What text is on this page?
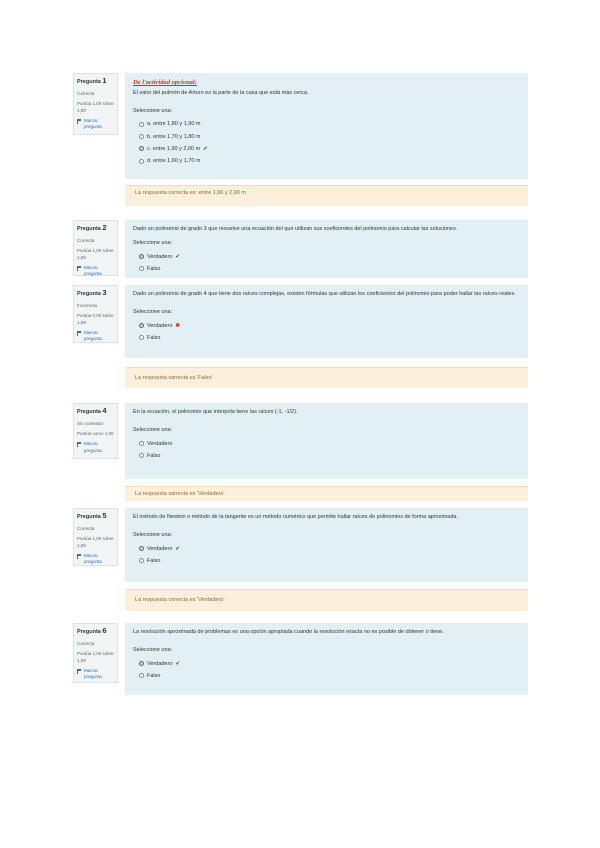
Pregunta 1
Correcta
Puntúa 1,00 sobre 1,00
Marcar pregunta
De l'actividad opcional:
El valor del pulmón de Arturo es la parte de la casa que está más cerca.
Seleccione una:
a. entre 1,80 y 1,90 m
b. entre 1,70 y 1,80 m
c. entre 1,90 y 2,00 m ✔
d. entre 1,60 y 1,70 m
La respuesta correcta es: entre 1,90 y 2,00 m
Pregunta 2
Correcta
Puntúa 1,00 sobre 1,00
Marcar pregunta
Dado un polinomio de grado 3 que resuelve una ecuación del que utilizan sus coeficientes del polinomio para calcular las soluciones.
Seleccione una:
Verdadero ✔
Falso
Pregunta 3
Incorrecta
Puntúa 0,00 sobre 1,00
Marcar pregunta
Dado un polinomio de grado 4 que tiene dos raíces complejas, existen fórmulas que utilizan los coeficientes del polinomio para poder hallar las raíces reales.
Seleccione una:
Verdadero ✖
Falso
La respuesta correcta es 'Falso'
Pregunta 4
Sin contestar
Puntúa como 1,00
Marcar pregunta
En la ecuación, el polinomio que interpola tiene las raíces (-1, -1/2).
Seleccione una:
Verdadero
Falso
La respuesta correcta es 'Verdadero'
Pregunta 5
Correcta
Puntúa 1,00 sobre 1,00
Marcar pregunta
El método de Newton o método de la tangente es un método numérico que permite hallar raíces de polinomios de forma aproximada.
Seleccione una:
Verdadero ✔
Falso
La respuesta correcta es 'Verdadero'
Pregunta 6
Correcta
Puntúa 1,00 sobre 1,00
Marcar pregunta
La resolución aproximada de problemas es una opción apropiada cuando la resolución exacta no es posible de obtener o tiene.
Seleccione una:
Verdadero ✔
Falso
